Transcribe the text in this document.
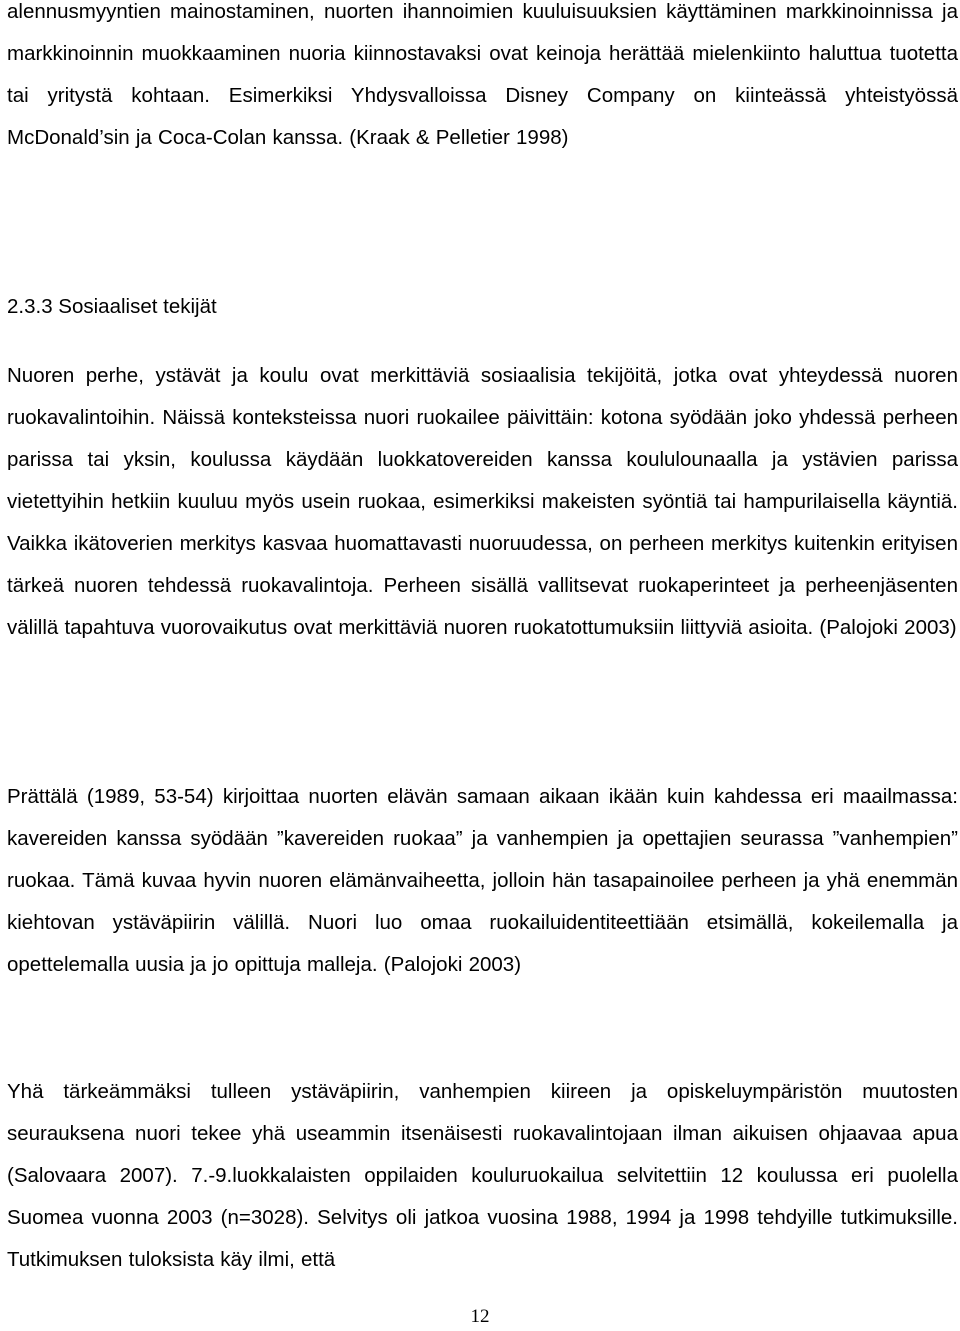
alennusmyyntien mainostaminen, nuorten ihannoimien kuuluisuuksien käyttäminen markkinoinnissa ja markkinoinnin muokkaaminen nuoria kiinnostavaksi ovat keinoja herättää mielenkiinto haluttua tuotetta tai yritystä kohtaan. Esimerkiksi Yhdysvalloissa Disney Company on kiinteässä yhteistyössä McDonald’sin ja Coca-Colan kanssa. (Kraak & Pelletier 1998)

2.3.3 Sosiaaliset tekijät

Nuoren perhe, ystävät ja koulu ovat merkittäviä sosiaalisia tekijöitä, jotka ovat yhteydessä nuoren ruokavalintoihin. Näissä konteksteissa nuori ruokailee päivittäin: kotona syödään joko yhdessä perheen parissa tai yksin, koulussa käydään luokkatovereiden kanssa koululounaalla ja ystävien parissa vietettyihin hetkiin kuuluu myös usein ruokaa, esimerkiksi makeisten syöntiä tai hampurilaisella käyntiä. Vaikka ikätoverien merkitys kasvaa huomattavasti nuoruudessa, on perheen merkitys kuitenkin erityisen tärkeä nuoren tehdessä ruokavalintoja. Perheen sisällä vallitsevat ruokaperinteet ja perheenjäsenten välillä tapahtuva vuorovaikutus ovat merkittäviä nuoren ruokatottumuksiin liittyviä asioita. (Palojoki 2003)

Prättälä (1989, 53-54) kirjoittaa nuorten elävän samaan aikaan ikään kuin kahdessa eri maailmassa: kavereiden kanssa syödään ”kavereiden ruokaa” ja vanhempien ja opettajien seurassa ”vanhempien” ruokaa. Tämä kuvaa hyvin nuoren elämänvaiheetta, jolloin hän tasapainoilee perheen ja yhä enemmän kiehtovan ystäväpiirin välillä. Nuori luo omaa ruokailuidentiteettiään etsimällä, kokeilemalla ja opettelemalla uusia ja jo opittuja malleja. (Palojoki 2003)

Yhä tärkeämmäksi tulleen ystäväpiirin, vanhempien kiireen ja opiskeluympäristön muutosten seurauksena nuori tekee yhä useammin itsenäisesti ruokavalintojaan ilman aikuisen ohjaavaa apua (Salovaara 2007). 7.-9.luokkalaisten oppilaiden kouluruokailua selvitettiin 12 koulussa eri puolella Suomea vuonna 2003 (n=3028). Selvitys oli jatkoa vuosina 1988, 1994 ja 1998 tehdyille tutkimuksille. Tutkimuksen tuloksista käy ilmi, että

12
